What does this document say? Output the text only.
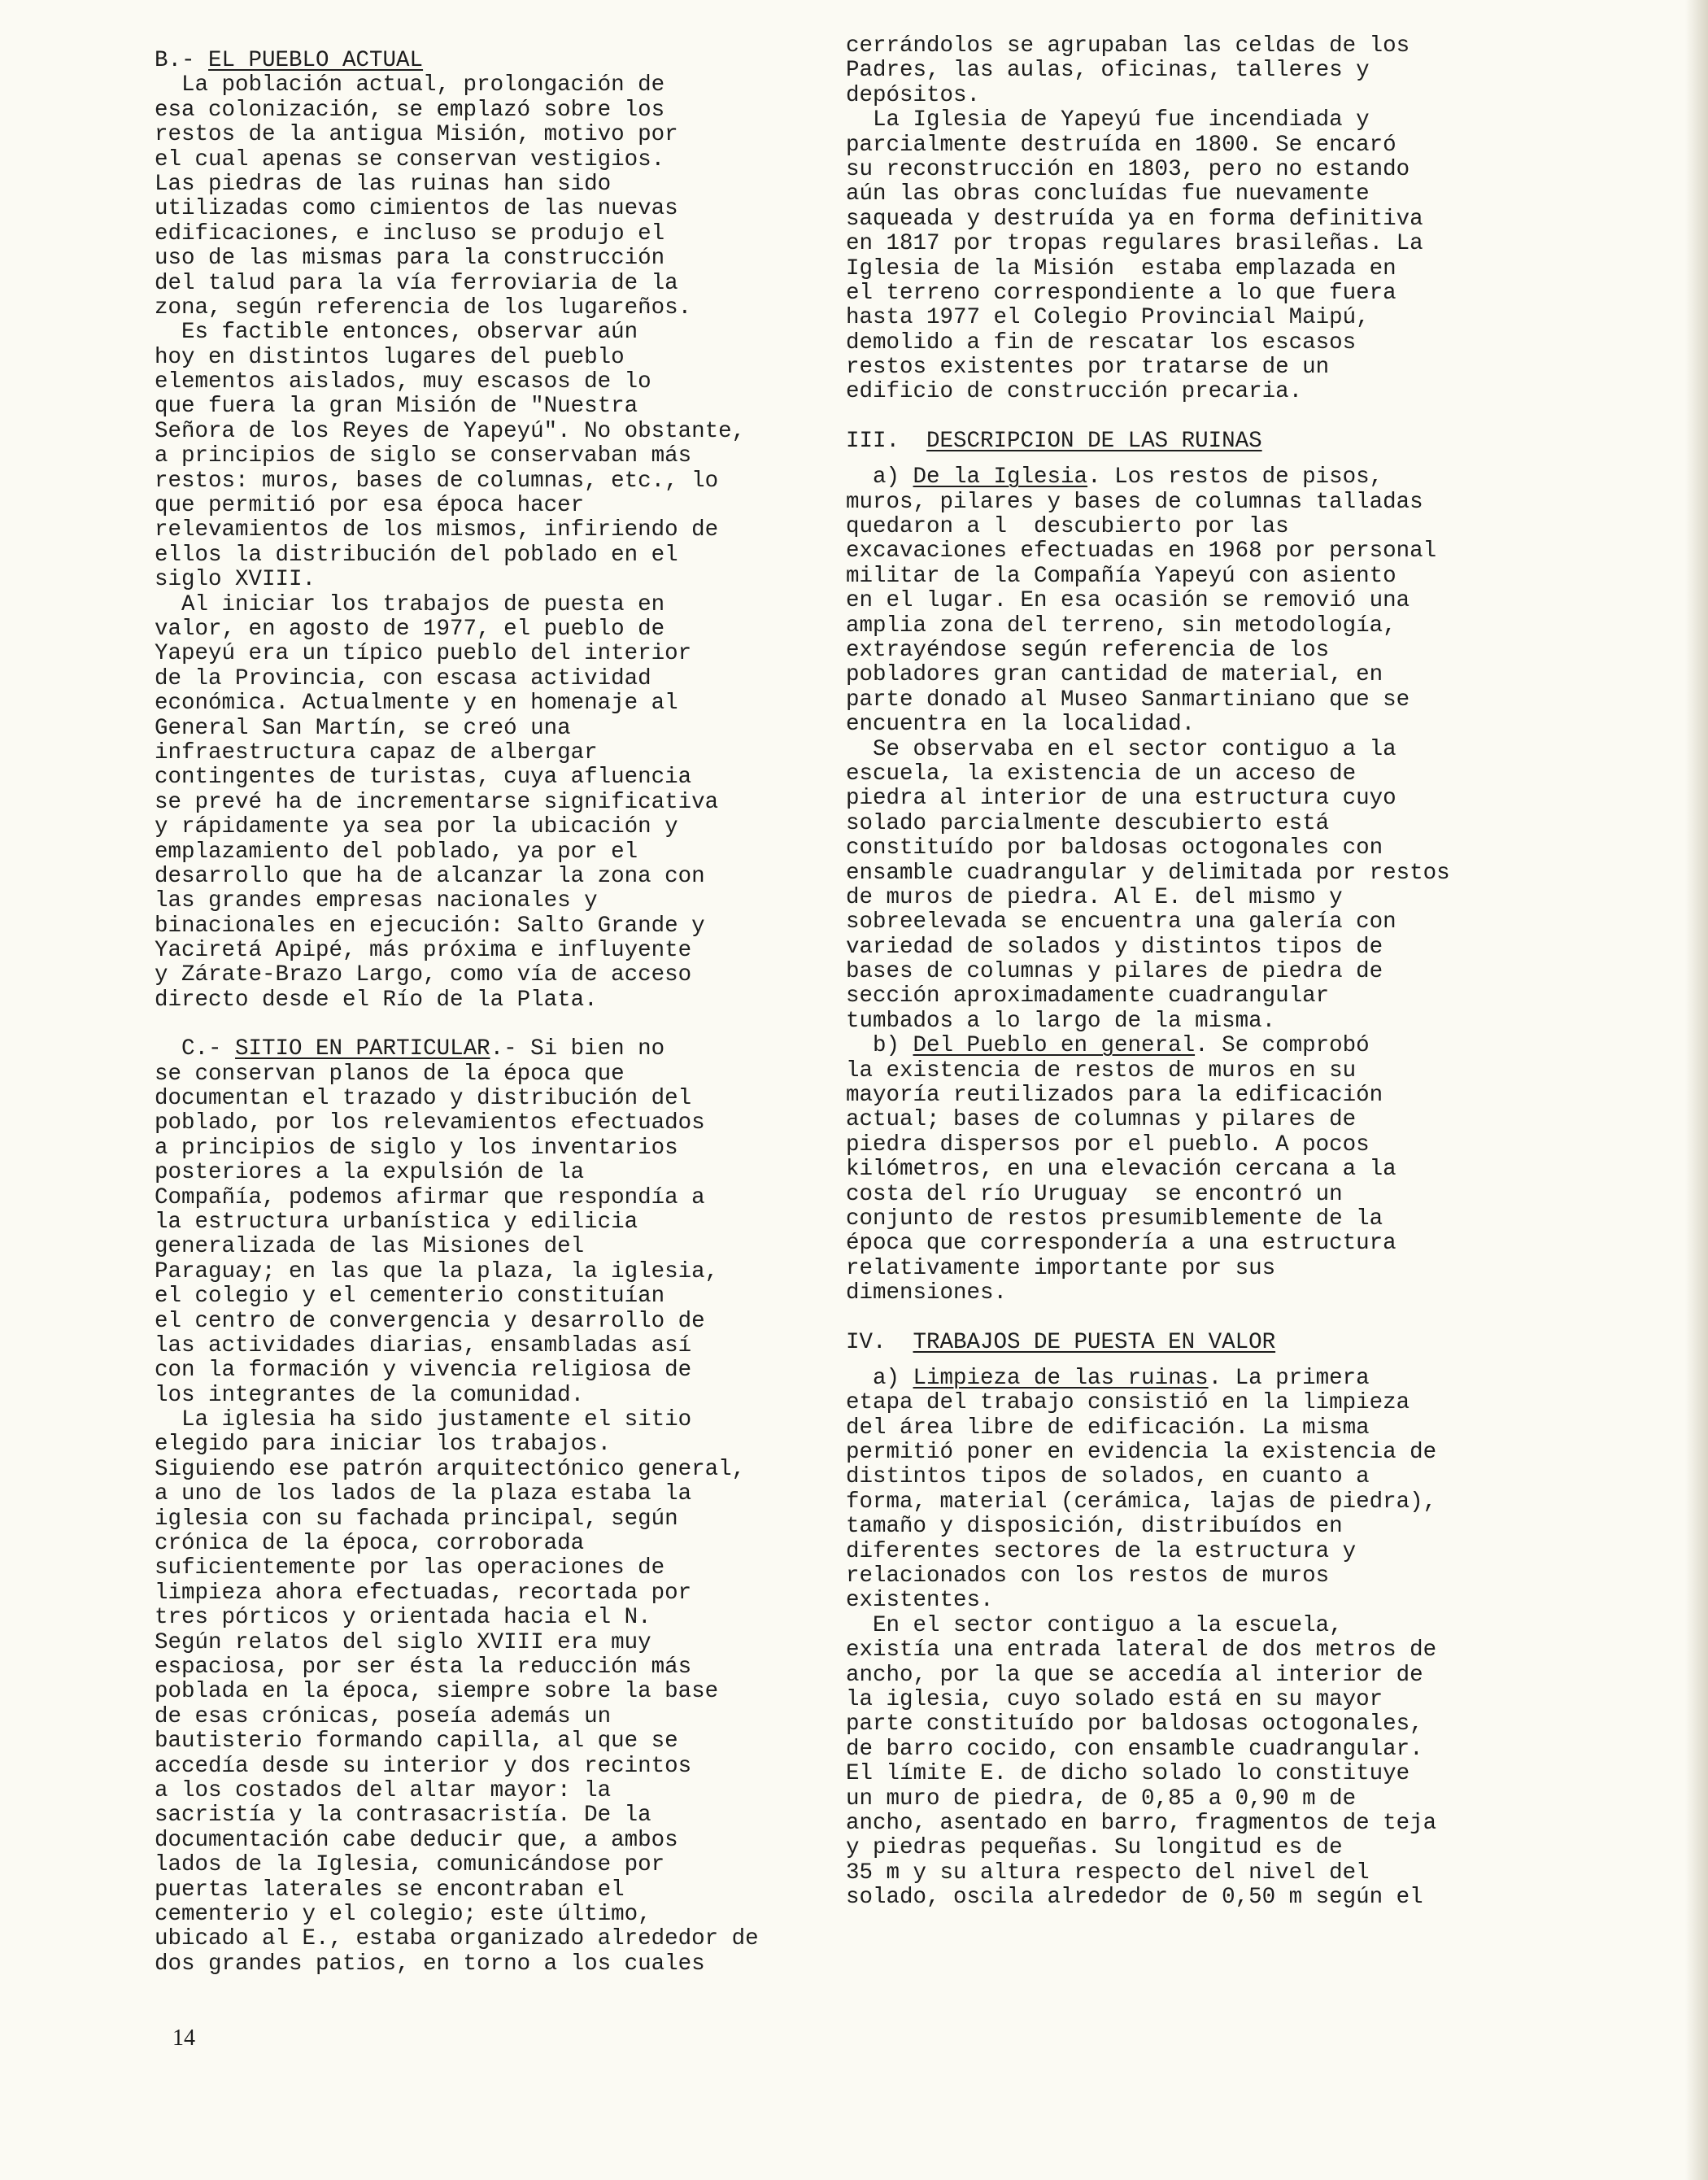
B.- EL PUEBLO ACTUAL
La población actual, prolongación de
esa colonización, se emplazó sobre los
restos de la antigua Misión, motivo por
el cual apenas se conservan vestigios.
Las piedras de las ruinas han sido
utilizadas como cimientos de las nuevas
edificaciones, e incluso se produjo el
uso de las mismas para la construcción
del talud para la vía ferroviaria de la
zona, según referencia de los lugareños.
Es factible entonces, observar aún
hoy en distintos lugares del pueblo
elementos aislados, muy escasos de lo
que fuera la gran Misión de "Nuestra
Señora de los Reyes de Yapeyú". No obstante,
a principios de siglo se conservaban más
restos: muros, bases de columnas, etc., lo
que permitió por esa época hacer
relevamientos de los mismos, infiriendo de
ellos la distribución del poblado en el
siglo XVIII.
Al iniciar los trabajos de puesta en
valor, en agosto de 1977, el pueblo de
Yapeyú era un típico pueblo del interior
de la Provincia, con escasa actividad
económica. Actualmente y en homenaje al
General San Martín, se creó una
infraestructura capaz de albergar
contingentes de turistas, cuya afluencia
se prevé ha de incrementarse significativa
y rápidamente ya sea por la ubicación y
emplazamiento del poblado, ya por el
desarrollo que ha de alcanzar la zona con
las grandes empresas nacionales y
binacionales en ejecución: Salto Grande y
Yaciretá Apipé, más próxima e influyente
y Zárate-Brazo Largo, como vía de acceso
directo desde el Río de la Plata.
C.- SITIO EN PARTICULAR.- Si bien no
se conservan planos de la época que
documentan el trazado y distribución del
poblado, por los relevamientos efectuados
a principios de siglo y los inventarios
posteriores a la expulsión de la
Compañía, podemos afirmar que respondía a
la estructura urbanística y edilicia
generalizada de las Misiones del
Paraguay; en las que la plaza, la iglesia,
el colegio y el cementerio constituían
el centro de convergencia y desarrollo de
las actividades diarias, ensambladas así
con la formación y vivencia religiosa de
los integrantes de la comunidad.
La iglesia ha sido justamente el sitio
elegido para iniciar los trabajos.
Siguiendo ese patrón arquitectónico general,
a uno de los lados de la plaza estaba la
iglesia con su fachada principal, según
crónica de la época, corroborada
suficientemente por las operaciones de
limpieza ahora efectuadas, recortada por
tres pórticos y orientada hacia el N.
Según relatos del siglo XVIII era muy
espaciosa, por ser ésta la reducción más
poblada en la época, siempre sobre la base
de esas crónicas, poseía además un
bautisterio formando capilla, al que se
accedía desde su interior y dos recintos
a los costados del altar mayor: la
sacristía y la contrasacristía. De la
documentación cabe deducir que, a ambos
lados de la Iglesia, comunicándose por
puertas laterales se encontraban el
cementerio y el colegio; este último,
ubicado al E., estaba organizado alrededor de
dos grandes patios, en torno a los cuales
cerrándolos se agrupaban las celdas de los
Padres, las aulas, oficinas, talleres y
depósitos.
La Iglesia de Yapeyú fue incendiada y
parcialmente destruída en 1800. Se encaró
su reconstrucción en 1803, pero no estando
aún las obras concluídas fue nuevamente
saqueada y destruída ya en forma definitiva
en 1817 por tropas regulares brasileñas. La
Iglesia de la Misión  estaba emplazada en
el terreno correspondiente a lo que fuera
hasta 1977 el Colegio Provincial Maipú,
demolido a fin de rescatar los escasos
restos existentes por tratarse de un
edificio de construcción precaria.
III.  DESCRIPCION DE LAS RUINAS
a) De la Iglesia. Los restos de pisos,
muros, pilares y bases de columnas talladas
quedaron a l  descubierto por las
excavaciones efectuadas en 1968 por personal
militar de la Compañía Yapeyú con asiento
en el lugar. En esa ocasión se removió una
amplia zona del terreno, sin metodología,
extrayéndose según referencia de los
pobladores gran cantidad de material, en
parte donado al Museo Sanmartiniano que se
encuentra en la localidad.
Se observaba en el sector contiguo a la
escuela, la existencia de un acceso de
piedra al interior de una estructura cuyo
solado parcialmente descubierto está
constituído por baldosas octogonales con
ensamble cuadrangular y delimitada por restos
de muros de piedra. Al E. del mismo y
sobreelevada se encuentra una galería con
variedad de solados y distintos tipos de
bases de columnas y pilares de piedra de
sección aproximadamente cuadrangular
tumbados a lo largo de la misma.
b) Del Pueblo en general. Se comprobó
la existencia de restos de muros en su
mayoría reutilizados para la edificación
actual; bases de columnas y pilares de
piedra dispersos por el pueblo. A pocos
kilómetros, en una elevación cercana a la
costa del río Uruguay  se encontró un
conjunto de restos presumiblemente de la
época que correspondería a una estructura
relativamente importante por sus
dimensiones.
IV.  TRABAJOS DE PUESTA EN VALOR
a) Limpieza de las ruinas. La primera
etapa del trabajo consistió en la limpieza
del área libre de edificación. La misma
permitió poner en evidencia la existencia de
distintos tipos de solados, en cuanto a
forma, material (cerámica, lajas de piedra),
tamaño y disposición, distribuídos en
diferentes sectores de la estructura y
relacionados con los restos de muros
existentes.
En el sector contiguo a la escuela,
existía una entrada lateral de dos metros de
ancho, por la que se accedía al interior de
la iglesia, cuyo solado está en su mayor
parte constituído por baldosas octogonales,
de barro cocido, con ensamble cuadrangular.
El límite E. de dicho solado lo constituye
un muro de piedra, de 0,85 a 0,90 m de
ancho, asentado en barro, fragmentos de teja
y piedras pequeñas. Su longitud es de
35 m y su altura respecto del nivel del
solado, oscila alrededor de 0,50 m según el
14
